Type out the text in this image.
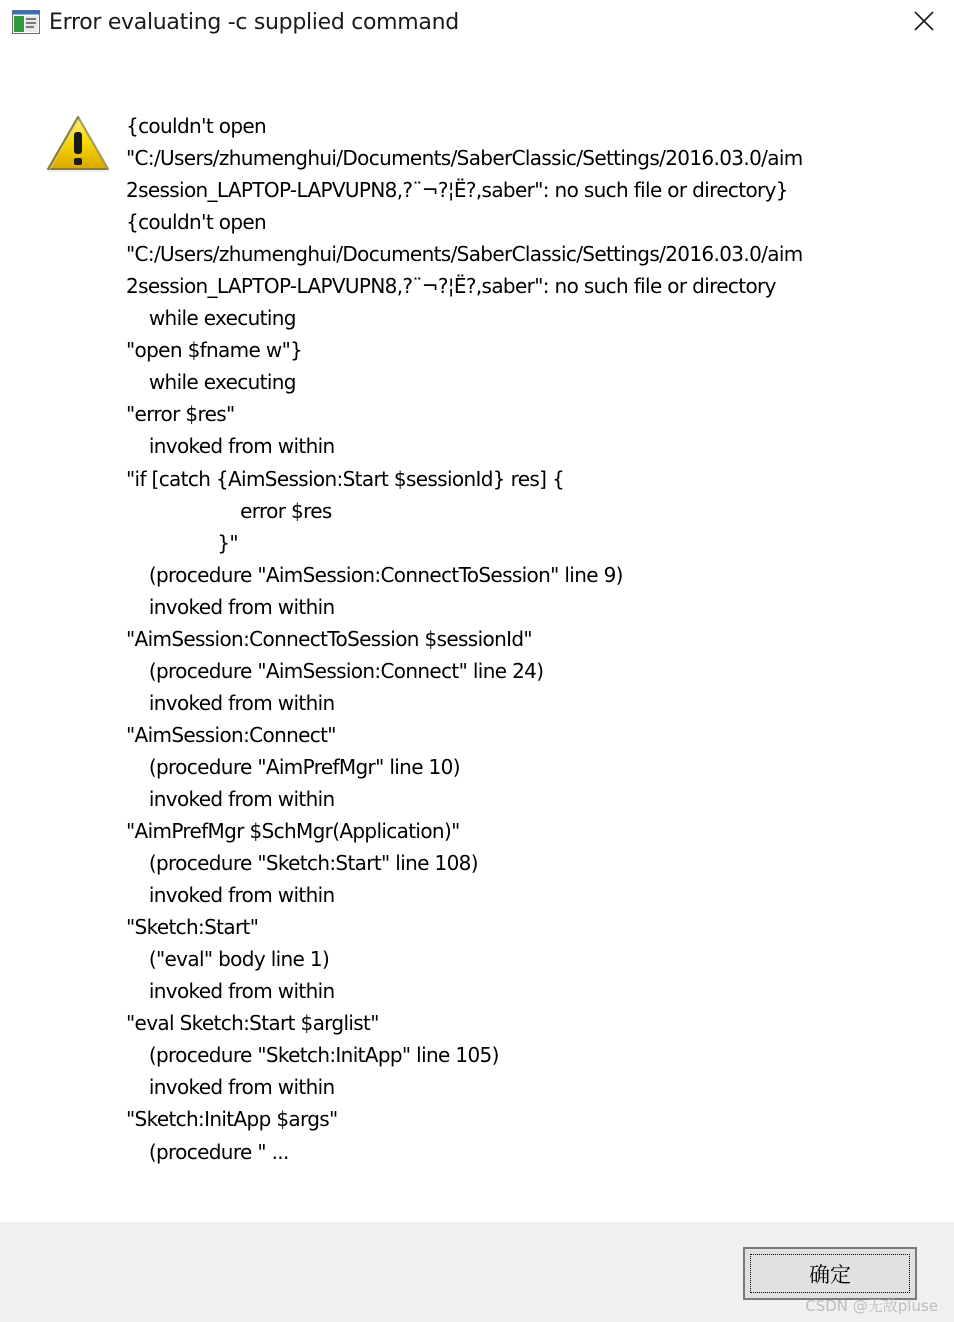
Error evaluating -c supplied command
{couldn't open
"C:/Users/zhumenghui/Documents/SaberClassic/Settings/2016.03.0/aim
2session_LAPTOP-LAPVUPN8,?¨¬?¦Ë?,saber": no such file or directory}
{couldn't open
"C:/Users/zhumenghui/Documents/SaberClassic/Settings/2016.03.0/aim
2session_LAPTOP-LAPVUPN8,?¨¬?¦Ë?,saber": no such file or directory
while executing
"open $fname w"}
while executing
"error $res"
invoked from within
"if [catch {AimSession:Start $sessionId} res] {
error $res
}"
(procedure "AimSession:ConnectToSession" line 9)
invoked from within
"AimSession:ConnectToSession $sessionId"
(procedure "AimSession:Connect" line 24)
invoked from within
"AimSession:Connect"
(procedure "AimPrefMgr" line 10)
invoked from within
"AimPrefMgr $SchMgr(Application)"
(procedure "Sketch:Start" line 108)
invoked from within
"Sketch:Start"
("eval" body line 1)
invoked from within
"eval Sketch:Start $arglist"
(procedure "Sketch:InitApp" line 105)
invoked from within
"Sketch:InitApp $args"
(procedure " ...
确定
CSDN @无敌pluse
